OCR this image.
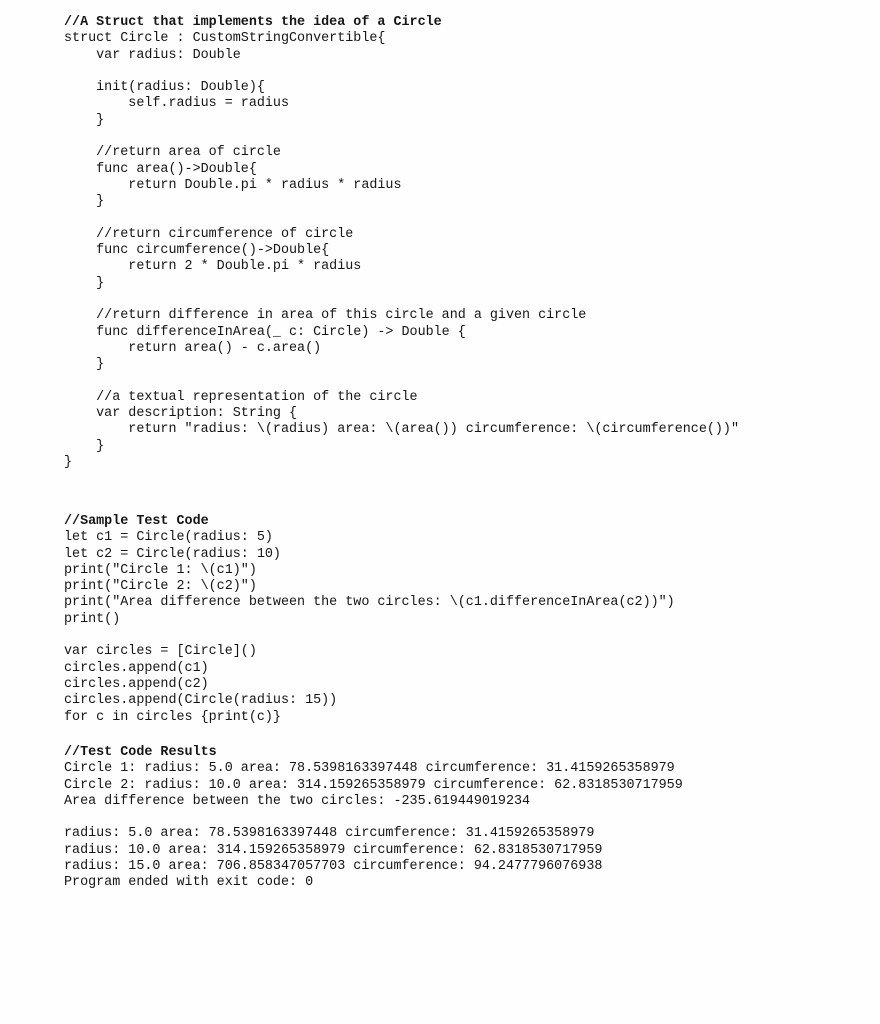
//A Struct that implements the idea of a Circle
struct Circle : CustomStringConvertible{
var radius: Double
init(radius: Double){
self.radius = radius
}
//return area of circle
func area()->Double{
return Double.pi * radius * radius
}
//return circumference of circle
func circumference()->Double{
return 2 * Double.pi * radius
}
//return difference in area of this circle and a given circle
func differenceInArea(_ c: Circle) -> Double {
return area() - c.area()
}
//a textual representation of the circle
var description: String {
return "radius: \(radius) area: \(area()) circumference: \(circumference())"
}
}
//Sample Test Code
let c1 = Circle(radius: 5)
let c2 = Circle(radius: 10)
print("Circle 1: \(c1)")
print("Circle 2: \(c2)")
print("Area difference between the two circles: \(c1.differenceInArea(c2))")
print()
var circles = [Circle]()
circles.append(c1)
circles.append(c2)
circles.append(Circle(radius: 15))
for c in circles {print(c)}
//Test Code Results
Circle 1: radius: 5.0 area: 78.5398163397448 circumference: 31.4159265358979
Circle 2: radius: 10.0 area: 314.159265358979 circumference: 62.8318530717959
Area difference between the two circles: -235.619449019234
radius: 5.0 area: 78.5398163397448 circumference: 31.4159265358979
radius: 10.0 area: 314.159265358979 circumference: 62.8318530717959
radius: 15.0 area: 706.858347057703 circumference: 94.2477796076938
Program ended with exit code: 0
